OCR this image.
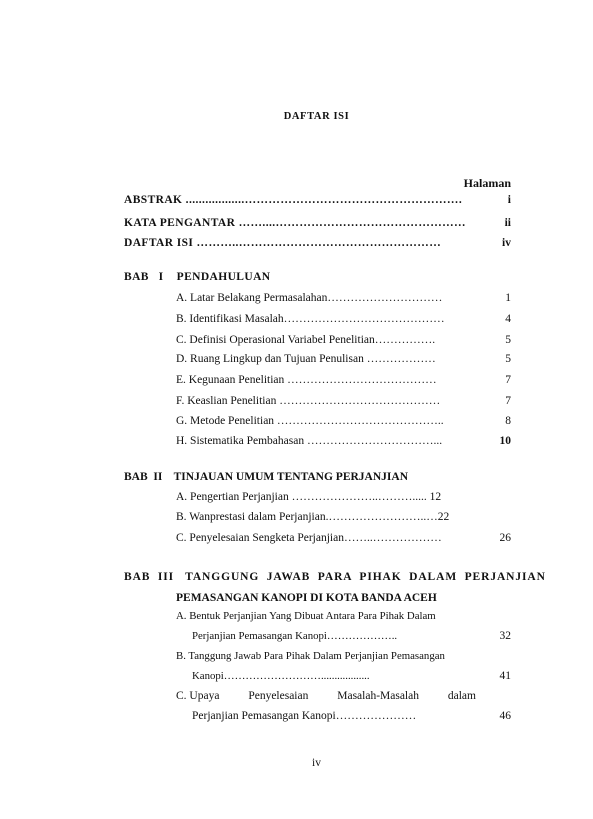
DAFTAR ISI
Halaman
ABSTRAK ..................……………………………………………….	i
KATA PENGANTAR ……....…………………………………………	ii
DAFTAR ISI ………..……………………………………………	iv
BAB   I    PENDAHULUAN
A. Latar Belakang Permasalahan…………………………	1
B. Identifikasi Masalah……………………………………	4
C. Definisi Operasional Variabel Penelitian…………….	5
D. Ruang Lingkup dan Tujuan Penulisan ………………	5
E. Kegunaan Penelitian …………………………………	7
F. Keaslian Penelitian ……………………………………	7
G. Metode Penelitian ……………………………………..	8
H. Sistematika Pembahasan ……………………………...	10
BAB  II    TINJAUAN UMUM TENTANG PERJANJIAN
A. Pengertian Perjanjian …………………..………..... 12
B. Wanprestasi dalam Perjanjian.……………………..…22
C. Penyelesaian Sengketa Perjanjian……..………………	26
BAB  III   TANGGUNG  JAWAB  PARA  PIHAK  DALAM  PERJANJIAN
PEMASANGAN KANOPI DI KOTA BANDA ACEH
A. Bentuk Perjanjian Yang Dibuat Antara Para Pihak Dalam
Perjanjian Pemasangan Kanopi………………..	32
B. Tanggung Jawab Para Pihak Dalam Perjanjian Pemasangan
Kanopi………………………..................	41
C. Upaya	Penyelesaian	Masalah-Masalah	dalam
Perjanjian Pemasangan Kanopi…………………	46
iv
